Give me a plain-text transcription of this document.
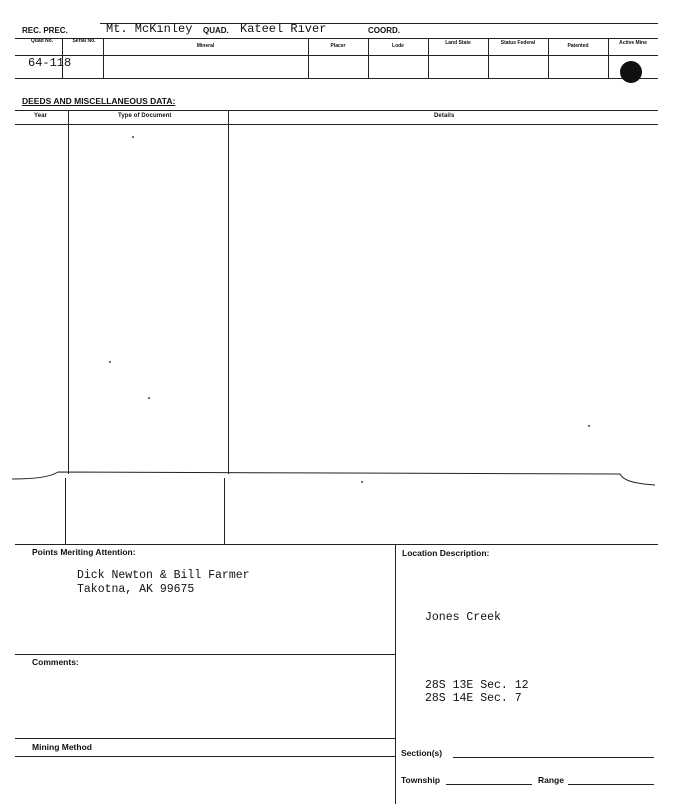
REC. PREC.	Mt. McKinley QUAD. Kateel River	COORD.
Quad No.	Serial No.
Mineral	Placer	Lode	Land State	Status Federal	Patented	Active Mine
64-118
DEEDS AND MISCELLANEOUS DATA:
Year	Type of Document	Details
Points Meriting Attention:
Dick Newton & Bill Farmer
Takotna, AK 99675
Location Description:
Jones Creek
28S 13E Sec. 12
28S 14E Sec. 7
Comments:
Mining Method
Section(s)
Township	Range
